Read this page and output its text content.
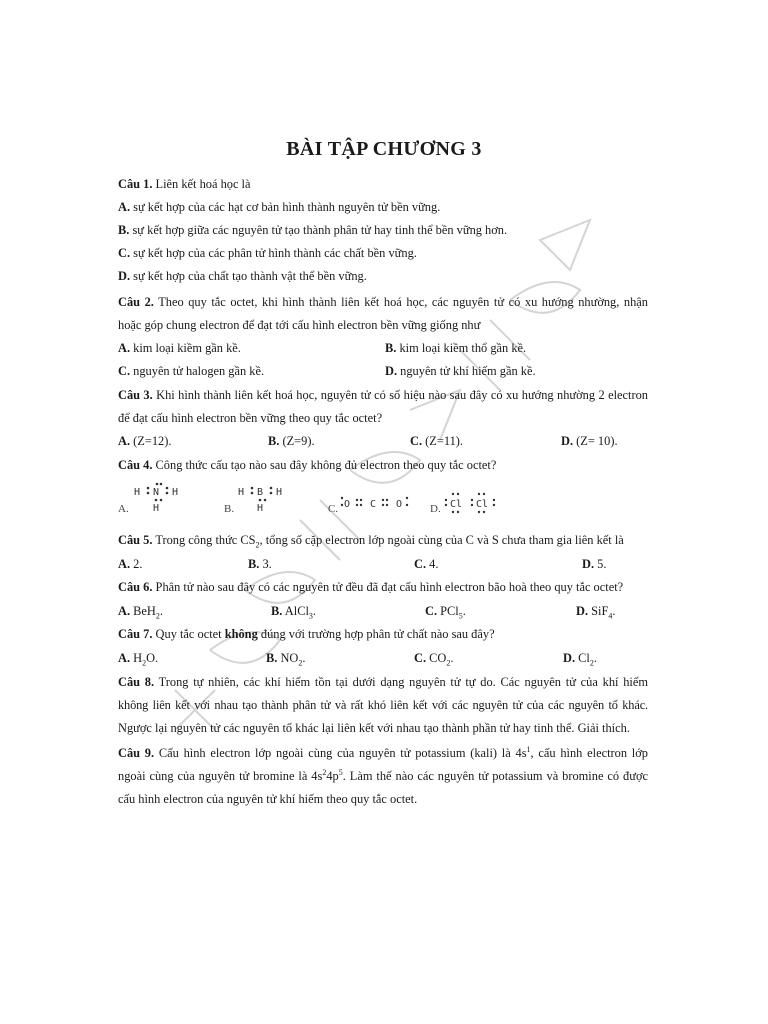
BÀI TẬP CHƯƠNG 3
Câu 1. Liên kết hoá học là
A. sự kết hợp của các hạt cơ bản hình thành nguyên tử bền vững.
B. sự kết hợp giữa các nguyên tử tạo thành phân tử hay tinh thể bền vững hơn.
C. sự kết hợp của các phân tử hình thành các chất bền vững.
D. sự kết hợp của chất tạo thành vật thể bền vững.
Câu 2. Theo quy tắc octet, khi hình thành liên kết hoá học, các nguyên tử có xu hướng nhường, nhận
hoặc góp chung electron để đạt tới cấu hình electron bền vững giống như
A. kim loại kiềm gần kề.	B. kim loại kiềm thổ gần kề.
C. nguyên tử halogen gần kề.	D. nguyên tử khí hiếm gần kề.
Câu 3. Khi hình thành liên kết hoá học, nguyên tử có số hiệu nào sau đây có xu hướng nhường 2 electron
để đạt cấu hình electron bền vững theo quy tắc octet?
A. (Z=12).	B. (Z=9).	C. (Z=11).	D. (Z= 10).
Câu 4. Công thức cấu tạo nào sau đây không đủ electron theo quy tắc octet?
A.
H N H
H	B.
H B H
H	C. O C O	D. Cl Cl
Câu 5. Trong công thức $CS_2$, tổng số cặp electron lớp ngoài cùng của C và S chưa tham gia liên kết là
A. 2.	B. 3.	C. 4.	D. 5.
Câu 6. Phân tử nào sau đây có các nguyên tử đều đã đạt cấu hình electron bão hoà theo quy tắc octet?
A. BeH$_2$.	B. AlCl$_3$.	C. PCl$_5$.	D. SiF$_4$.
Câu 7. Quy tắc octet không đúng với trường hợp phân tử chất nào sau đây?
A. $H_2O$.	B. $NO_2$.	C. $CO_2$.	D. $Cl_2$.
Câu 8. Trong tự nhiên, các khí hiếm tồn tại dưới dạng nguyên tử tự do. Các nguyên tử của khí hiếm
không liên kết với nhau tạo thành phân tử và rất khó liên kết với các nguyên tử của các nguyên tố khác.
Ngược lại nguyên tử các nguyên tố khác lại liên kết với nhau tạo thành phần tử hay tinh thể. Giải thích.
Câu 9. Cấu hình electron lớp ngoài cùng của nguyên tử potassium (kali) là $4s^1$, cấu hình electron lớp
ngoài cùng của nguyên tử bromine là $4s^24p^5$. Làm thế nào các nguyên tử potassium và bromine có được
cấu hình electron của nguyên tử khí hiếm theo quy tắc octet.
